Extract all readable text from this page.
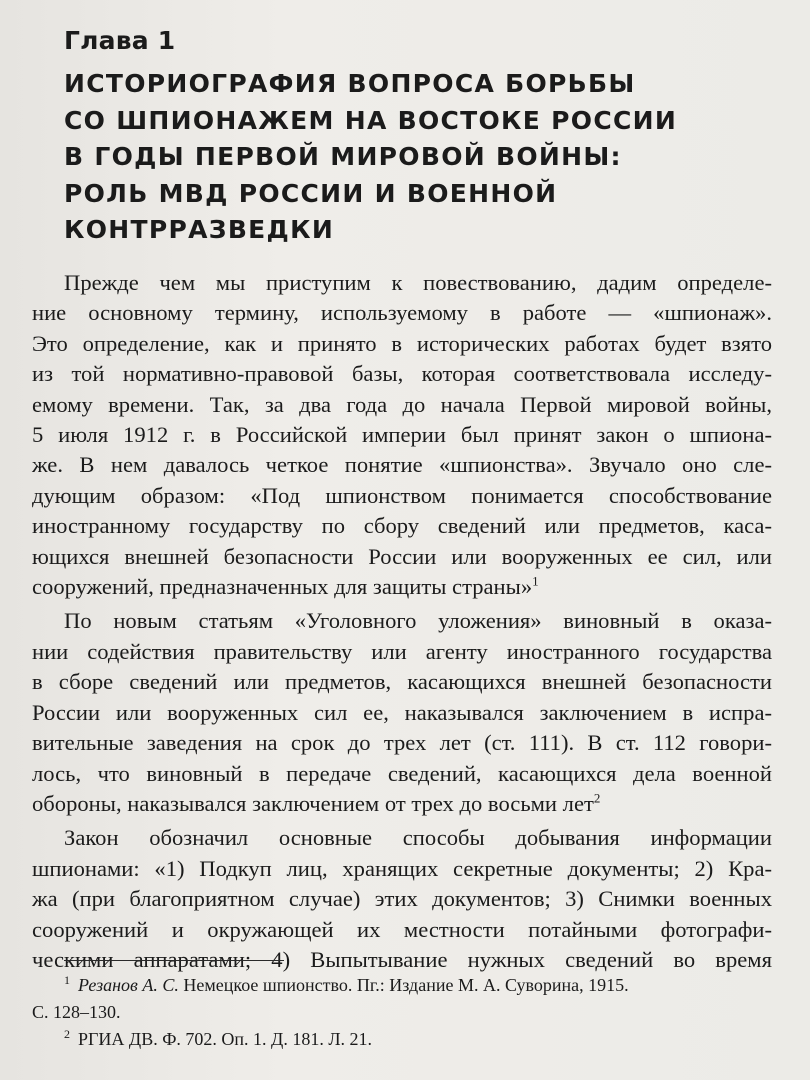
Глава 1
ИСТОРИОГРАФИЯ ВОПРОСА БОРЬБЫ
СО ШПИОНАЖЕМ НА ВОСТОКЕ РОССИИ
В ГОДЫ ПЕРВОЙ МИРОВОЙ ВОЙНЫ:
РОЛЬ МВД РОССИИ И ВОЕННОЙ
КОНТРРАЗВЕДКИ

Прежде чем мы приступим к повествованию, дадим определе-
ние основному термину, используемому в работе — «шпионаж».
Это определение, как и принято в исторических работах будет взято
из той нормативно-правовой базы, которая соответствовала исследу-
емому времени. Так, за два года до начала Первой мировой войны,
5 июля 1912 г. в Российской империи был принят закон о шпиона-
же. В нем давалось четкое понятие «шпионства». Звучало оно сле-
дующим образом: «Под шпионством понимается способствование
иностранному государству по сбору сведений или предметов, каса-
ющихся внешней безопасности России или вооруженных ее сил, или
сооружений, предназначенных для защиты страны»$^1$

По новым статьям «Уголовного уложения» виновный в оказа-
нии содействия правительству или агенту иностранного государства
в сборе сведений или предметов, касающихся внешней безопасности
России или вооруженных сил ее, наказывался заключением в испра-
вительные заведения на срок до трех лет (ст. 111). В ст. 112 говори-
лось, что виновный в передаче сведений, касающихся дела военной
обороны, наказывался заключением от трех до восьми лет$^2$

Закон обозначил основные способы добывания информации
шпионами: «1) Подкуп лиц, хранящих секретные документы; 2) Кра-
жа (при благоприятном случае) этих документов; 3) Снимки военных
сооружений и окружающей их местности потайными фотографи-
ческими аппаратами; 4) Выпытывание нужных сведений во время

$^1$ Резанов А. С. Немецкое шпионство. Пг.: Издание М. А. Суворина, 1915.
С. 128–130.
$^2$ РГИА ДВ. Ф. 702. Оп. 1. Д. 181. Л. 21.
